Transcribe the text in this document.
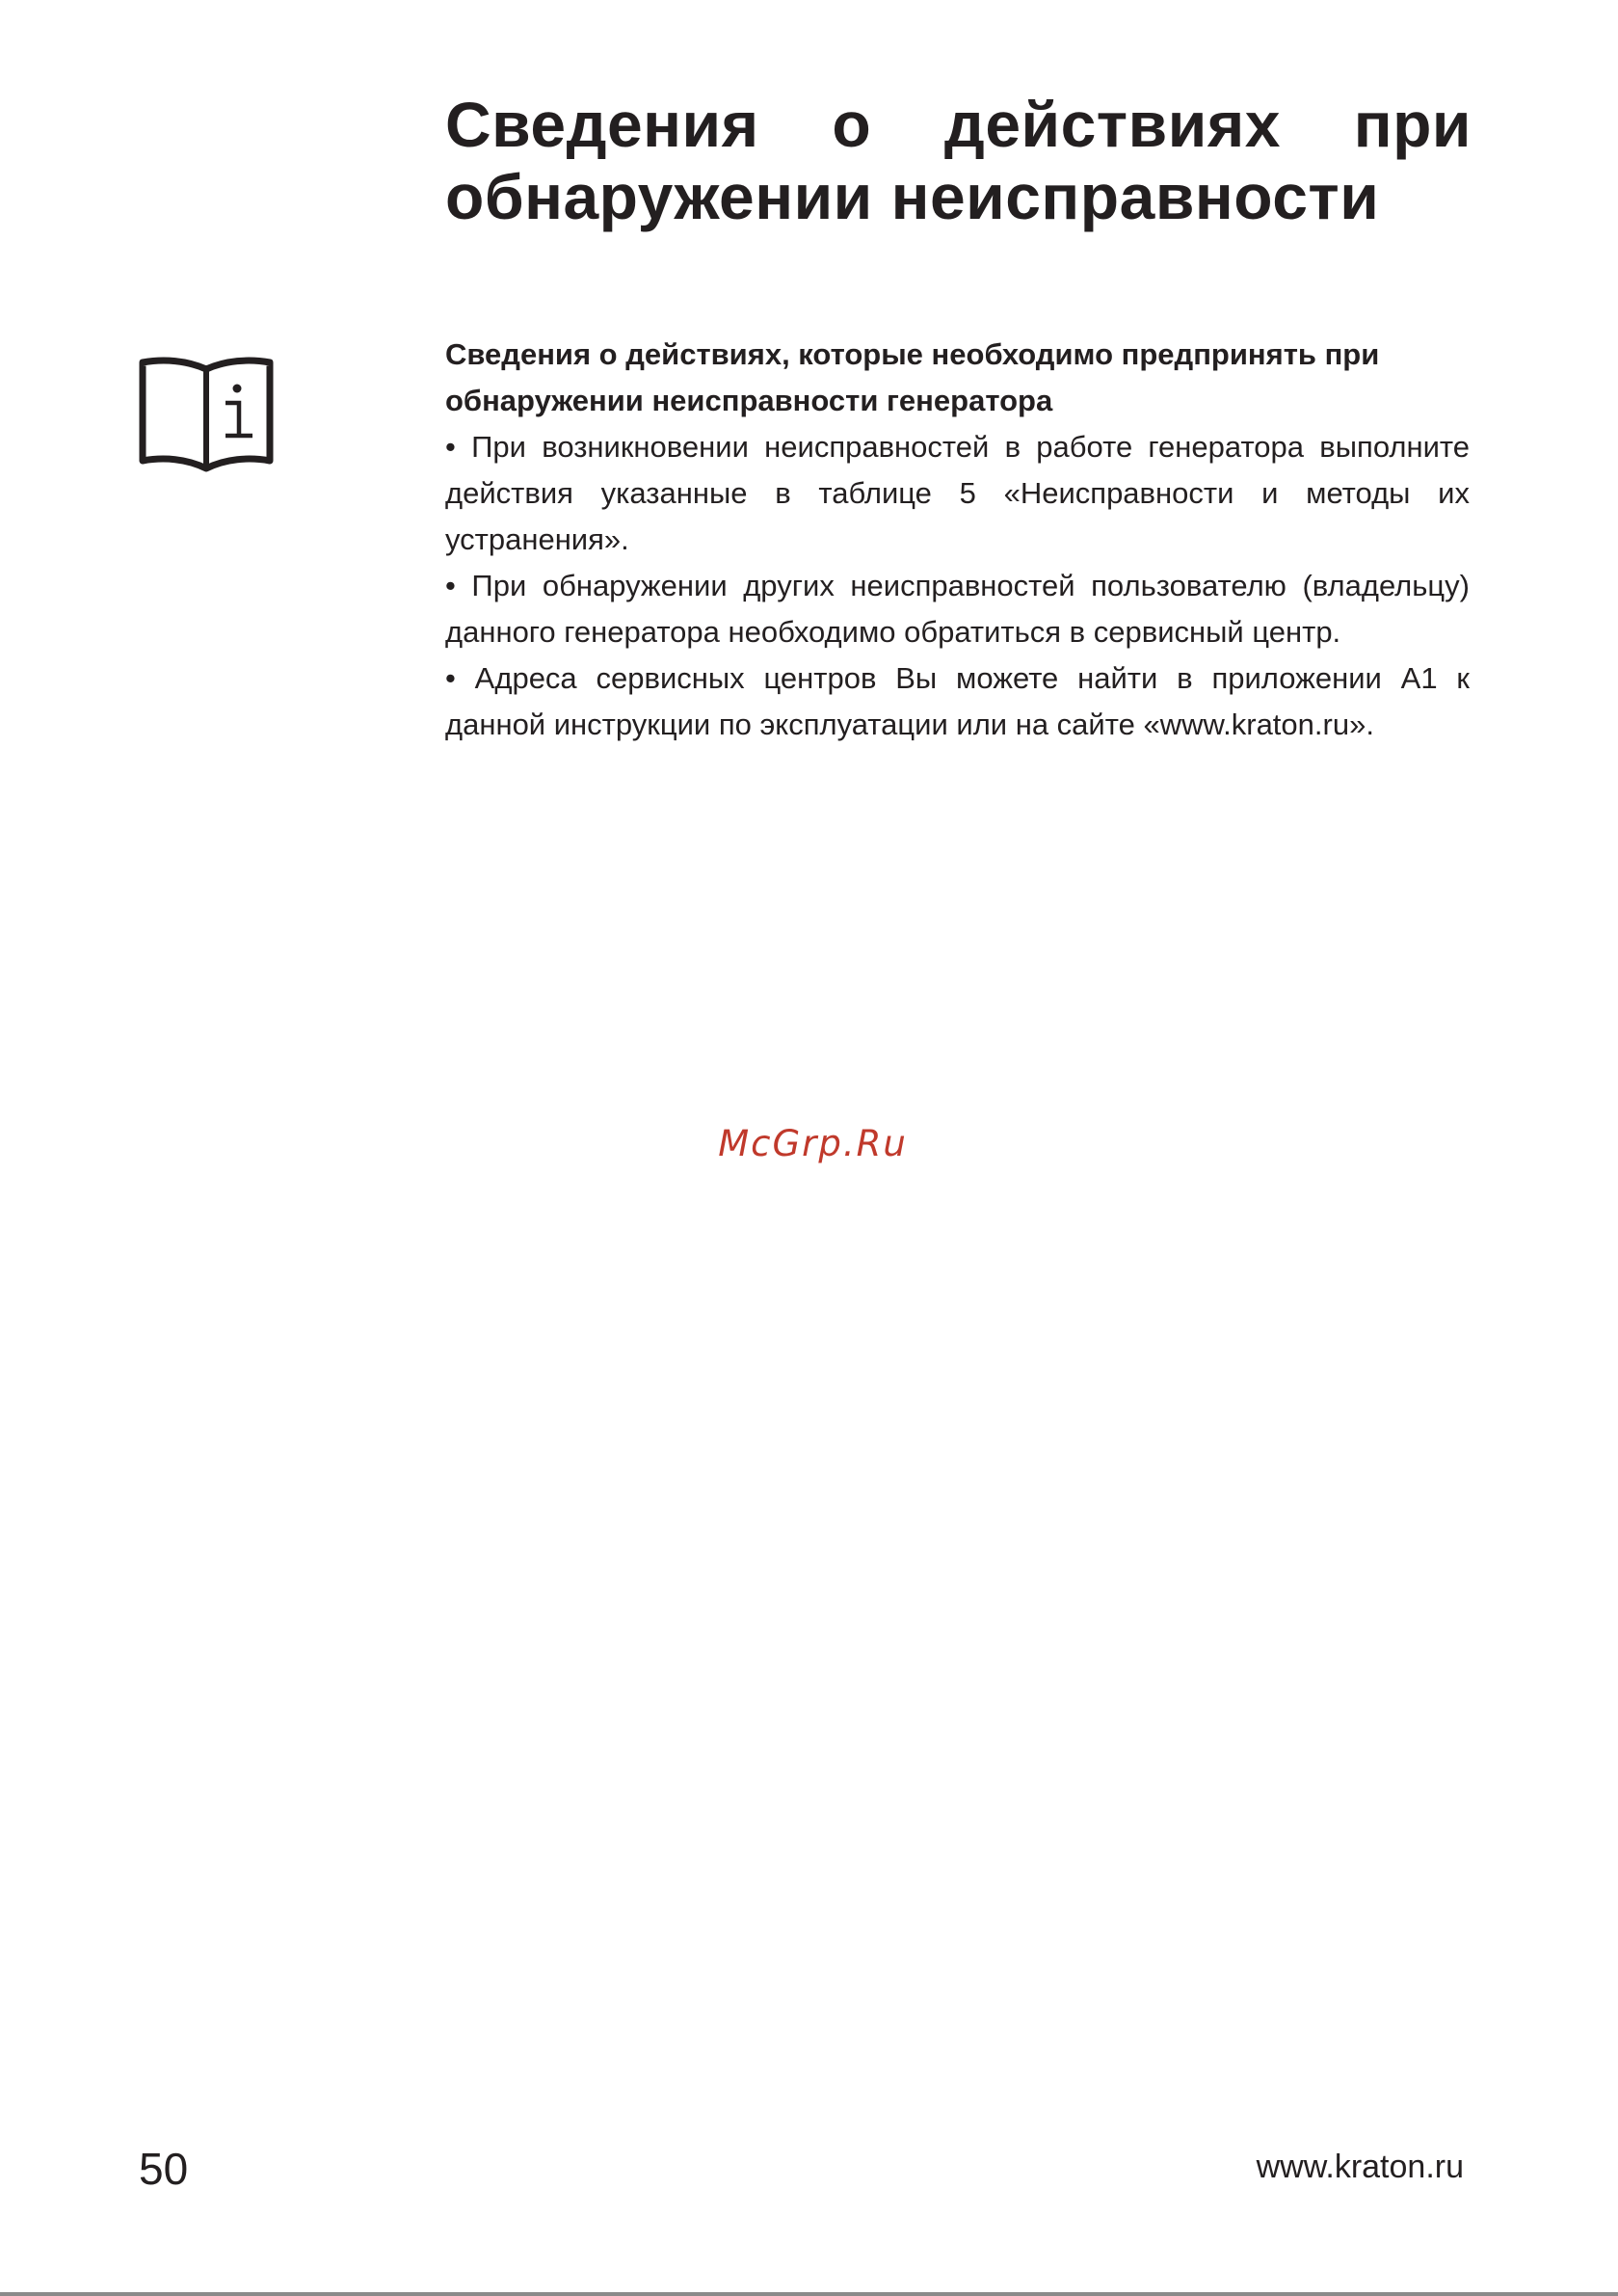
Сведения о действиях при обнаружении неисправности

Сведения о действиях, которые необходимо предпринять при обнаружении неисправности генератора

• При возникновении неисправностей в работе генератора выполните действия указанные в таблице 5 «Неисправности и методы их устранения».

• При обнаружении других неисправностей пользователю (владельцу) данного генератора необходимо обратиться в сервисный центр.

• Адреса сервисных центров Вы можете найти в приложении А1 к данной инструкции по эксплуатации или на сайте «www.kraton.ru».

McGrp.Ru
50	www.kraton.ru
